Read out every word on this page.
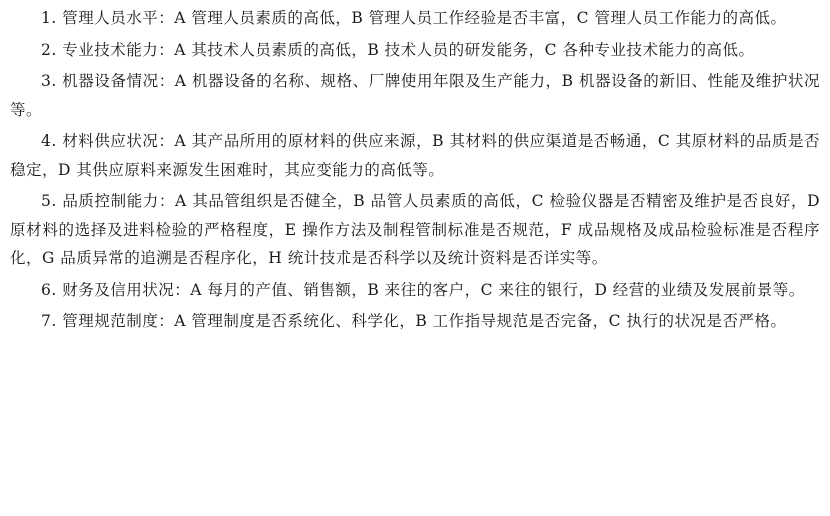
1. 管理人员水平：A 管理人员素质的高低，B 管理人员工作经验是否丰富，C 管理人员工作能力的高低。

2. 专业技术能力：A 其技术人员素质的高低，B 技术人员的研发能务，C 各种专业技术能力的高低。

3. 机器设备情况：A 机器设备的名称、规格、厂牌使用年限及生产能力，B 机器设备的新旧、性能及维护状况等。

4. 材料供应状况：A 其产品所用的原材料的供应来源，B 其材料的供应渠道是否畅通，C 其原材料的品质是否稳定，D 其供应原料来源发生困难时，其应变能力的高低等。

5. 品质控制能力：A 其品管组织是否健全，B 品管人员素质的高低，C 检验仪器是否精密及维护是否良好，D 原材料的选择及进料检验的严格程度，E 操作方法及制程管制标准是否规范，F 成品规格及成品检验标准是否程序化，G 品质异常的追溯是否程序化，H 统计技朮是否科学以及统计资料是否详实等。

6. 财务及信用状况：A 每月的产值、销售额，B 来往的客户，C 来往的银行，D 经营的业绩及发展前景等。

7. 管理规范制度：A 管理制度是否系统化、科学化，B 工作指导规范是否完备，C 执行的状况是否严格。
